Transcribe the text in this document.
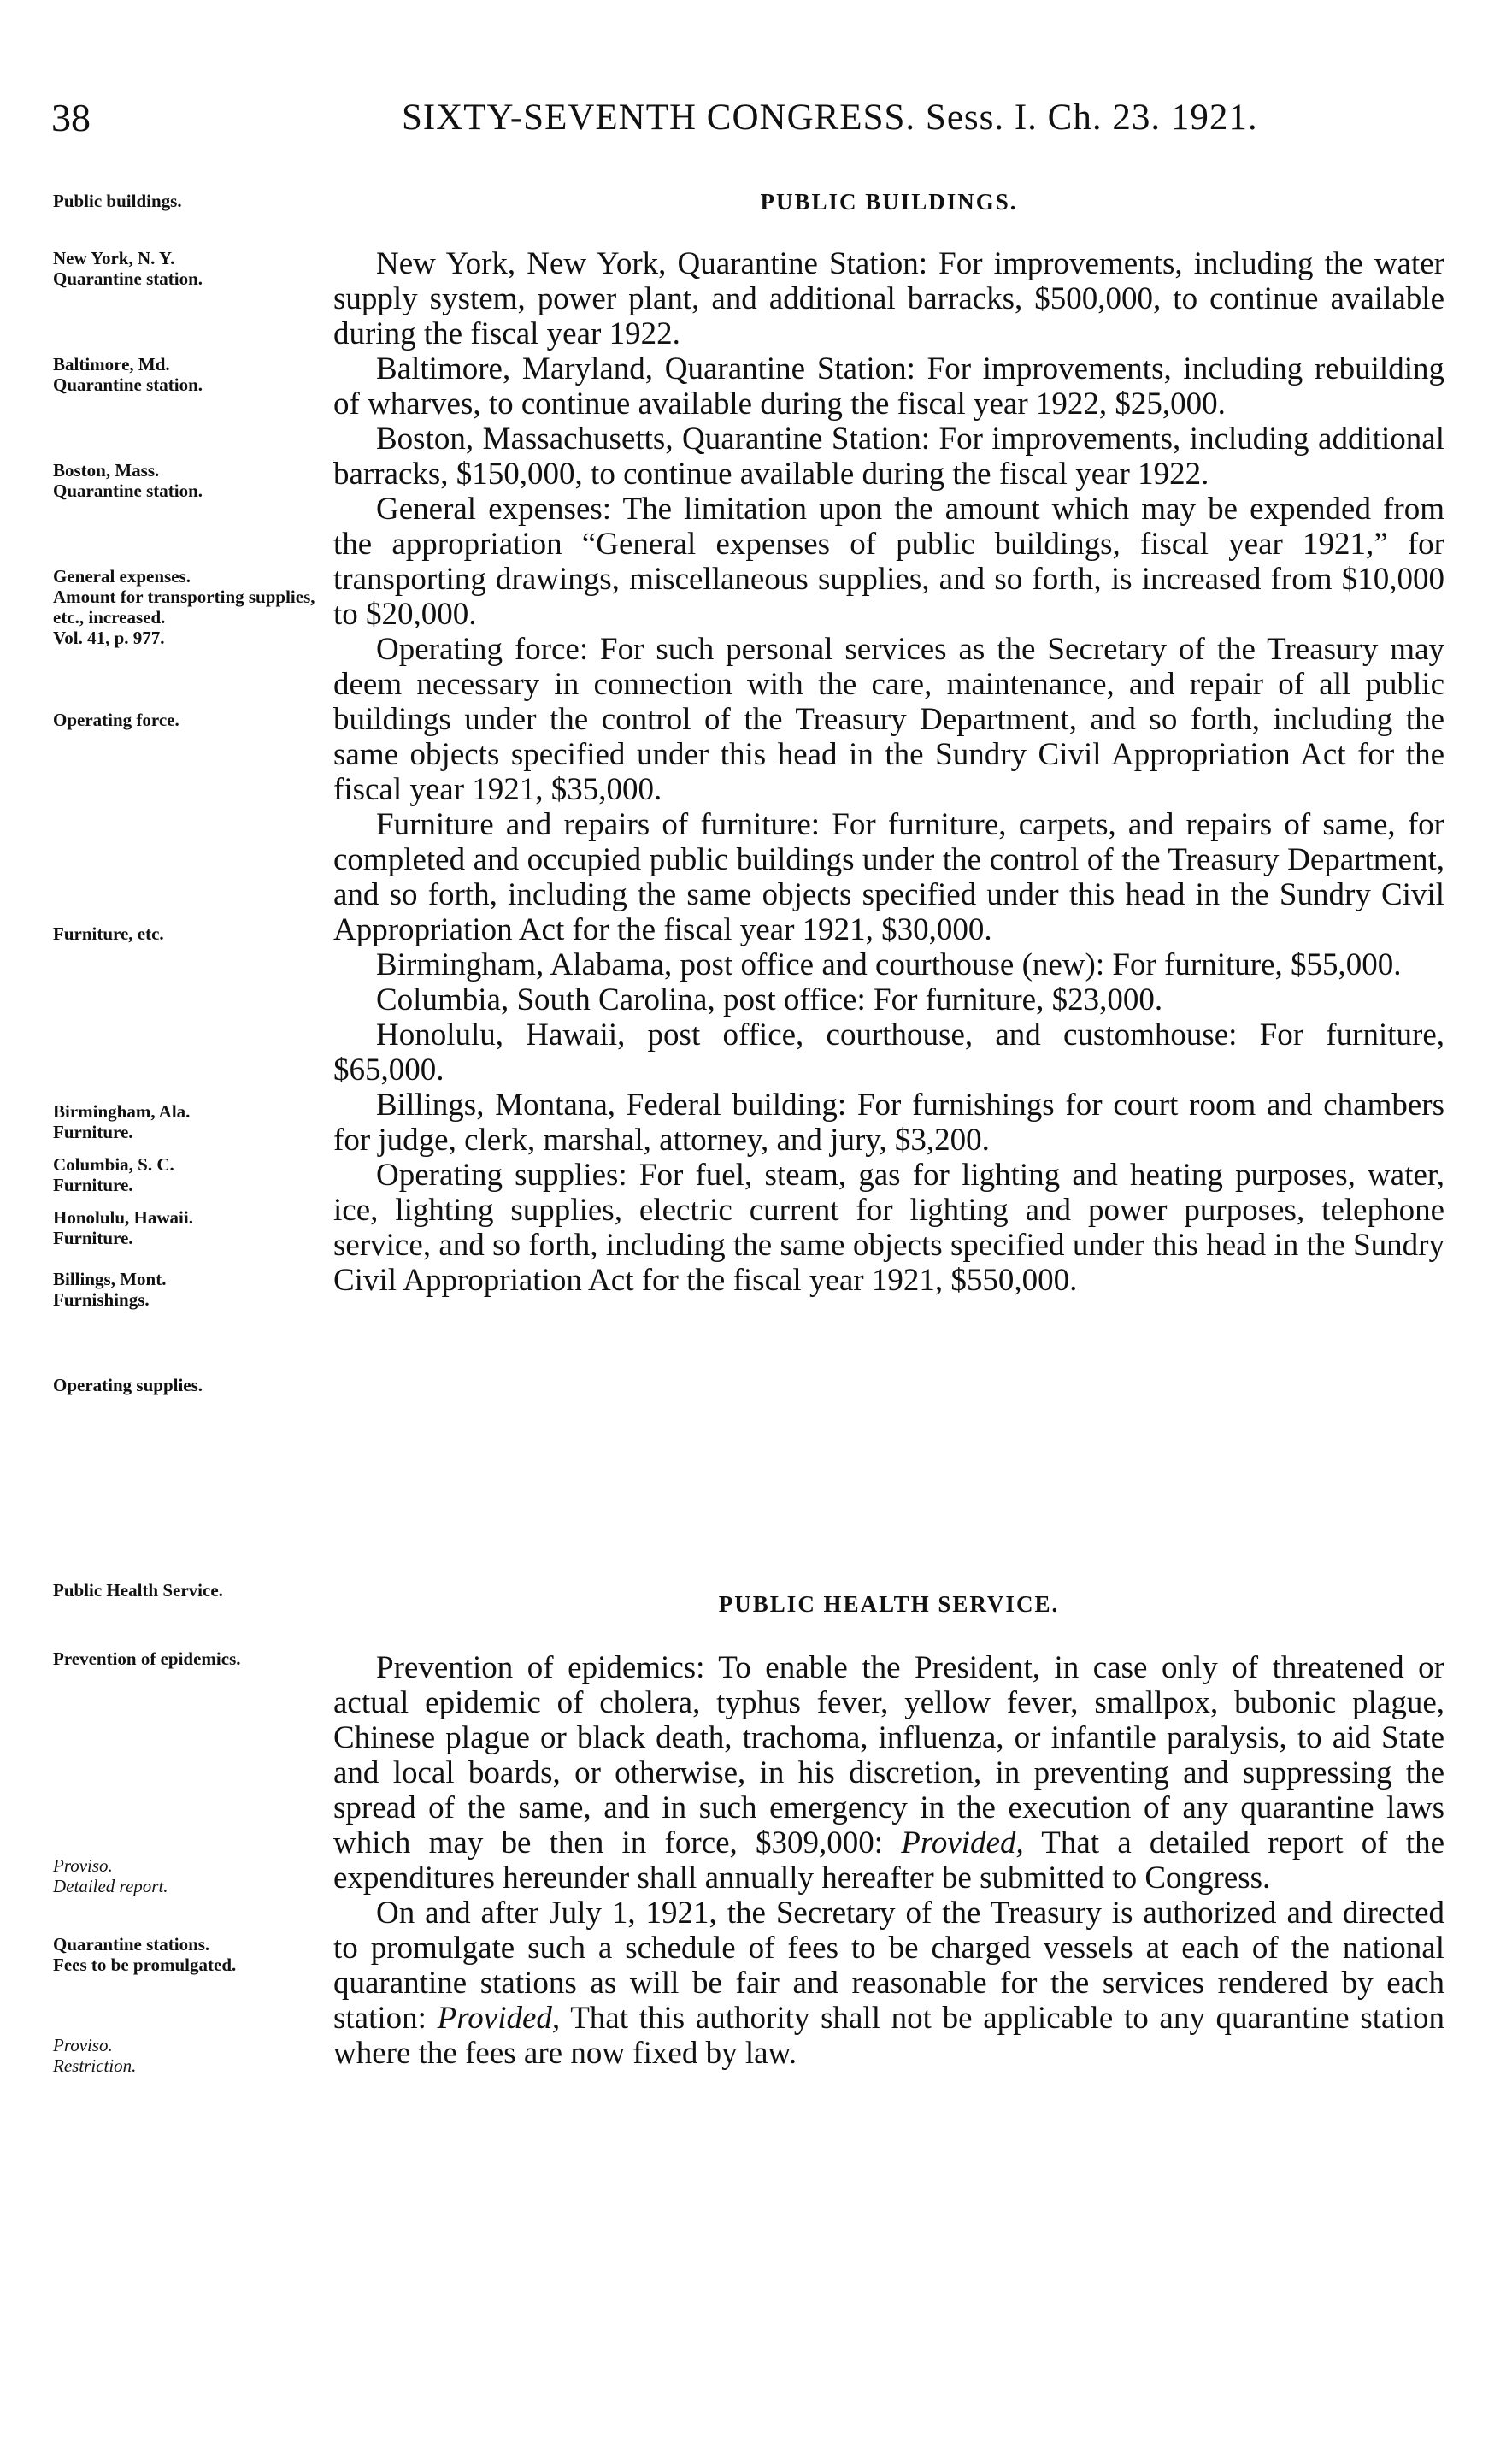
38	SIXTY-SEVENTH CONGRESS. Sess. I. Ch. 23. 1921.
Public buildings.	PUBLIC BUILDINGS.
New York, N. Y.
Quarantine station.
Baltimore, Md.
Quarantine station.
Boston, Mass.
Quarantine station.
General expenses.
Amount for transporting supplies, etc., increased.
Vol. 41, p. 977.
Operating force.
Furniture, etc.
Birmingham, Ala.
Furniture.
Columbia, S. C.
Furniture.
Honolulu, Hawaii.
Furniture.
Billings, Mont.
Furnishings.
Operating supplies.

New York, New York, Quarantine Station: For improvements, including the water supply system, power plant, and additional barracks, $500,000, to continue available during the fiscal year 1922.

Baltimore, Maryland, Quarantine Station: For improvements, including rebuilding of wharves, to continue available during the fiscal year 1922, $25,000.

Boston, Massachusetts, Quarantine Station: For improvements, including additional barracks, $150,000, to continue available during the fiscal year 1922.

General expenses: The limitation upon the amount which may be expended from the appropriation “General expenses of public buildings, fiscal year 1921,” for transporting drawings, miscellaneous supplies, and so forth, is increased from $10,000 to $20,000.

Operating force: For such personal services as the Secretary of the Treasury may deem necessary in connection with the care, maintenance, and repair of all public buildings under the control of the Treasury Department, and so forth, including the same objects specified under this head in the Sundry Civil Appropriation Act for the fiscal year 1921, $35,000.

Furniture and repairs of furniture: For furniture, carpets, and repairs of same, for completed and occupied public buildings under the control of the Treasury Department, and so forth, including the same objects specified under this head in the Sundry Civil Appropriation Act for the fiscal year 1921, $30,000.

Birmingham, Alabama, post office and courthouse (new): For furniture, $55,000.

Columbia, South Carolina, post office: For furniture, $23,000.

Honolulu, Hawaii, post office, courthouse, and customhouse: For furniture, $65,000.

Billings, Montana, Federal building: For furnishings for court room and chambers for judge, clerk, marshal, attorney, and jury, $3,200.

Operating supplies: For fuel, steam, gas for lighting and heating purposes, water, ice, lighting supplies, electric current for lighting and power purposes, telephone service, and so forth, including the same objects specified under this head in the Sundry Civil Appropriation Act for the fiscal year 1921, $550,000.

Public Health Service.
PUBLIC HEALTH SERVICE.
Prevention of epidemics.
Proviso.
Detailed report.
Quarantine stations.
Fees to be promulgated.
Proviso.
Restriction.

Prevention of epidemics: To enable the President, in case only of threatened or actual epidemic of cholera, typhus fever, yellow fever, smallpox, bubonic plague, Chinese plague or black death, trachoma, influenza, or infantile paralysis, to aid State and local boards, or otherwise, in his discretion, in preventing and suppressing the spread of the same, and in such emergency in the execution of any quarantine laws which may be then in force, $309,000: Provided, That a detailed report of the expenditures hereunder shall annually hereafter be submitted to Congress.

On and after July 1, 1921, the Secretary of the Treasury is authorized and directed to promulgate such a schedule of fees to be charged vessels at each of the national quarantine stations as will be fair and reasonable for the services rendered by each station: Provided, That this authority shall not be applicable to any quarantine station where the fees are now fixed by law.
